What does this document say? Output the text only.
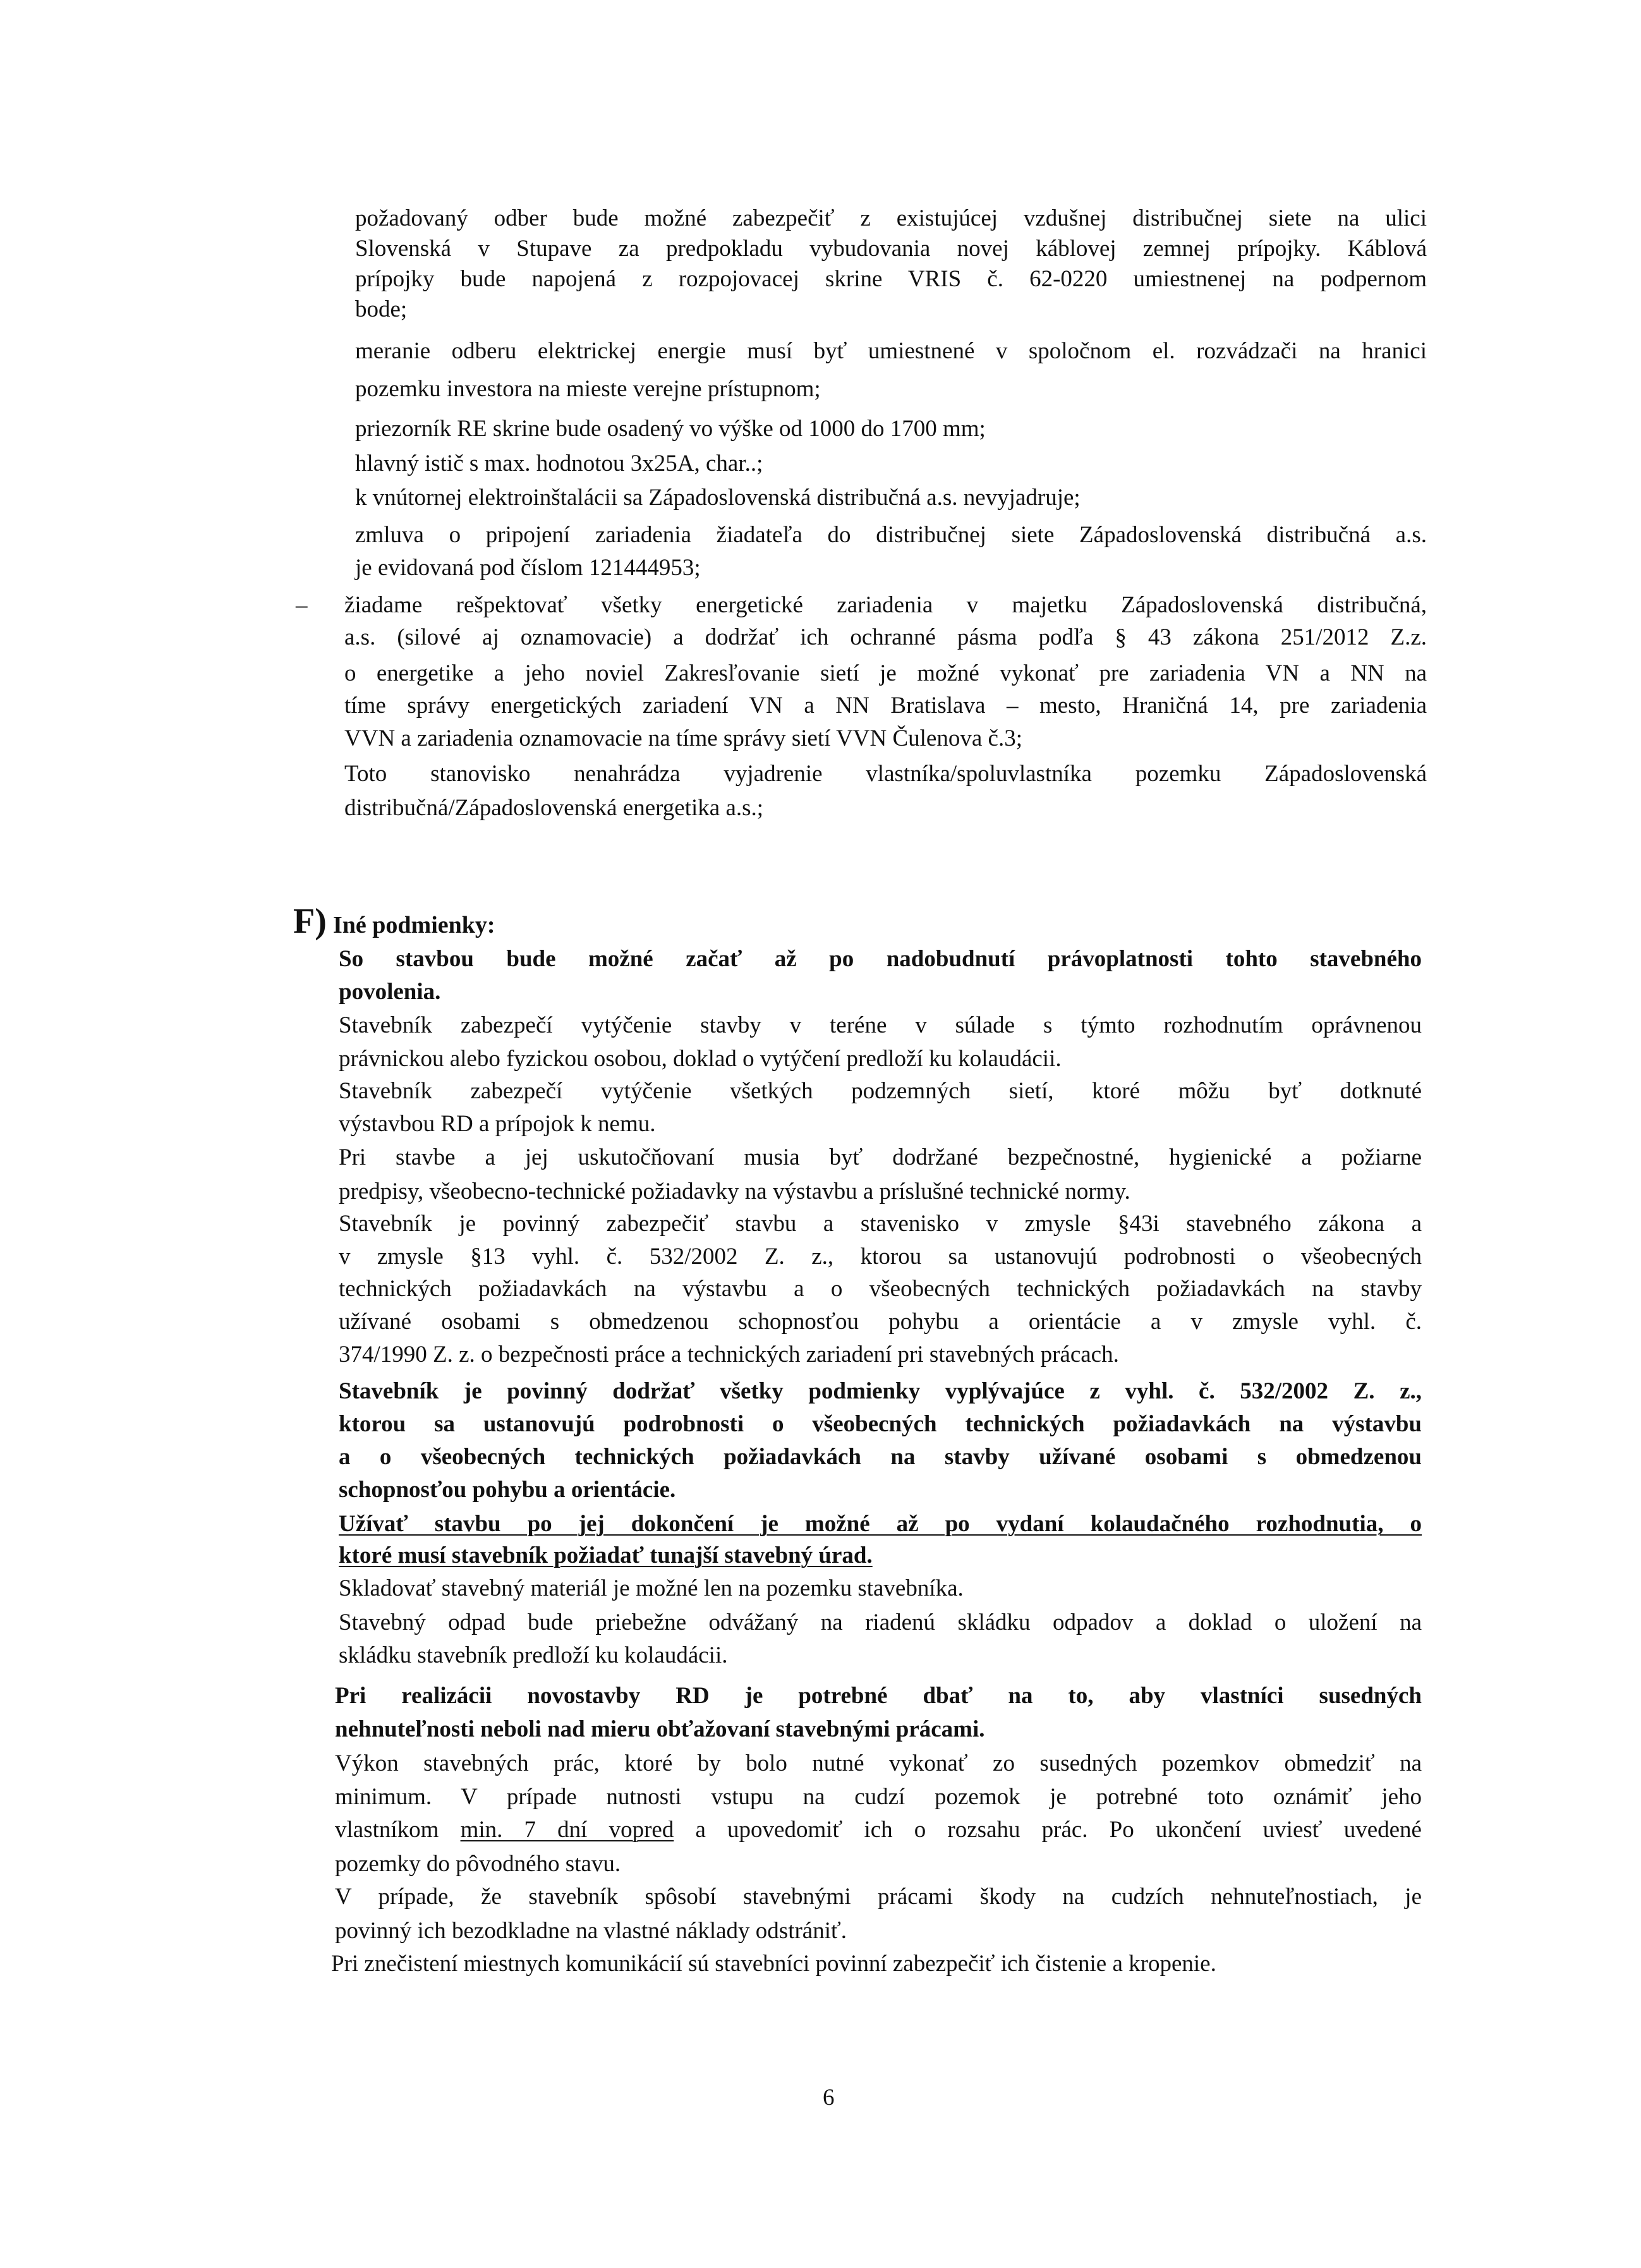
požadovaný odber bude možné zabezpečiť z existujúcej vzdušnej distribučnej siete na ulici
Slovenská v Stupave za predpokladu vybudovania novej káblovej zemnej prípojky. Káblová
prípojky bude napojená z rozpojovacej skrine VRIS č. 62-0220 umiestnenej na podpernom
bode;
meranie odberu elektrickej energie musí byť umiestnené v spoločnom el. rozvádzači na hranici
pozemku investora na mieste verejne prístupnom;
priezorník RE skrine bude osadený vo výške od 1000 do 1700 mm;
hlavný istič s max. hodnotou 3x25A, char..;
k vnútornej elektroinštalácii sa Západoslovenská distribučná a.s. nevyjadruje;
zmluva o pripojení zariadenia žiadateľa do distribučnej siete Západoslovenská distribučná a.s.
je evidovaná pod číslom 121444953;
– žiadame rešpektovať všetky energetické zariadenia v majetku Západoslovenská distribučná,
a.s. (silové aj oznamovacie) a dodržať ich ochranné pásma podľa § 43 zákona 251/2012 Z.z.
o energetike a jeho noviel Zakresľovanie sietí je možné vykonať pre zariadenia VN a NN na
tíme správy energetických zariadení VN a NN Bratislava – mesto, Hraničná 14, pre zariadenia
VVN a zariadenia oznamovacie na tíme správy sietí VVN Čulenova č.3;
Toto stanovisko nenahrádza vyjadrenie vlastníka/spoluvlastníka pozemku Západoslovenská
distribučná/Západoslovenská energetika a.s.;
F) Iné podmienky:
So stavbou bude možné začať až po nadobudnutí právoplatnosti tohto stavebného
povolenia.
Stavebník zabezpečí vytýčenie stavby v teréne v súlade s týmto rozhodnutím oprávnenou
právnickou alebo fyzickou osobou, doklad o vytýčení predloží ku kolaudácii.
Stavebník zabezpečí vytýčenie všetkých podzemných sietí, ktoré môžu byť dotknuté
výstavbou RD a prípojok k nemu.
Pri stavbe a jej uskutočňovaní musia byť dodržané bezpečnostné, hygienické a požiarne
predpisy, všeobecno-technické požiadavky na výstavbu a príslušné technické normy.
Stavebník je povinný zabezpečiť stavbu a stavenisko v zmysle §43i stavebného zákona a
v zmysle §13 vyhl. č. 532/2002 Z. z., ktorou sa ustanovujú podrobnosti o všeobecných
technických požiadavkách na výstavbu a o všeobecných technických požiadavkách na stavby
užívané osobami s obmedzenou schopnosťou pohybu a orientácie a v zmysle vyhl. č.
374/1990 Z. z. o bezpečnosti práce a technických zariadení pri stavebných prácach.
Stavebník je povinný dodržať všetky podmienky vyplývajúce z vyhl. č. 532/2002 Z. z.,
ktorou sa ustanovujú podrobnosti o všeobecných technických požiadavkách na výstavbu
a o všeobecných technických požiadavkách na stavby užívané osobami s obmedzenou
schopnosťou pohybu a orientácie.
Užívať stavbu po jej dokončení je možné až po vydaní kolaudačného rozhodnutia, o
ktoré musí stavebník požiadať tunajší stavebný úrad.
Skladovať stavebný materiál je možné len na pozemku stavebníka.
Stavebný odpad bude priebežne odvážaný na riadenú skládku odpadov a doklad o uložení na
skládku stavebník predloží ku kolaudácii.
Pri realizácii novostavby RD je potrebné dbať na to, aby vlastníci susedných
nehnuteľnosti neboli nad mieru obťažovaní stavebnými prácami.
Výkon stavebných prác, ktoré by bolo nutné vykonať zo susedných pozemkov obmedziť na
minimum. V prípade nutnosti vstupu na cudzí pozemok je potrebné toto oznámiť jeho
vlastníkom min. 7 dní vopred a upovedomiť ich o rozsahu prác. Po ukončení uviesť uvedené
pozemky do pôvodného stavu.
V prípade, že stavebník spôsobí stavebnými prácami škody na cudzích nehnuteľnostiach, je
povinný ich bezodkladne na vlastné náklady odstrániť.
Pri znečistení miestnych komunikácií sú stavebníci povinní zabezpečiť ich čistenie a kropenie.
6
